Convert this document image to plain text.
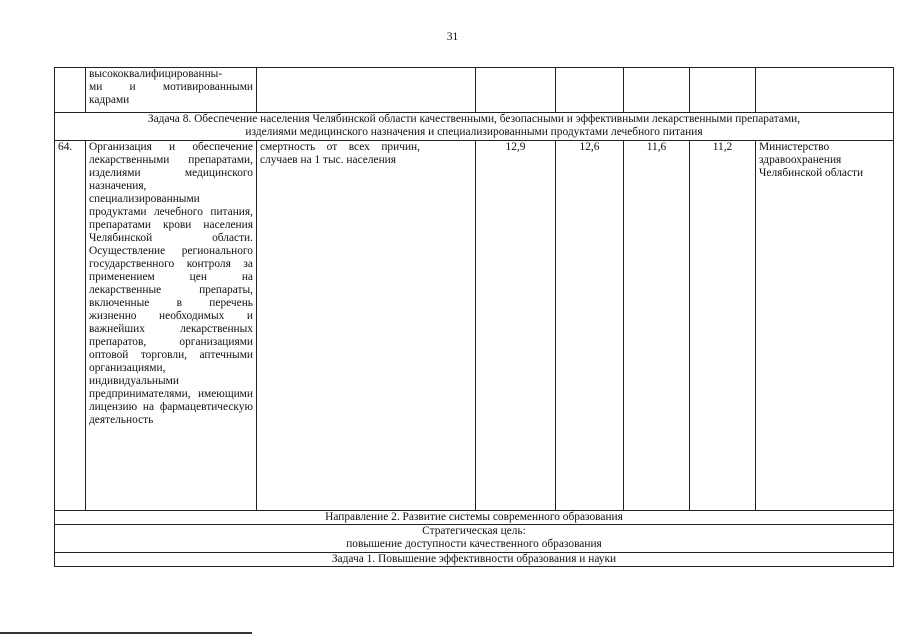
31

	высококвалифицированны-
ми и мотивированными
кадрами						

Задача 8. Обеспечение населения Челябинской области качественными, безопасными и эффективными лекарственными препаратами,
изделиями медицинского назначения и специализированными продуктами лечебного питания							

64.	Организация и обеспечение лекарственными препаратами, изделиями медицинского назначения, специализированными продуктами лечебного питания, препаратами крови населения Челябинской области. Осуществление регионального государственного контроля за применением цен на лекарственные препараты, включенные в перечень жизненно необходимых и важнейших лекарственных препаратов, организациями оптовой торговли, аптечными организациями, индивидуальными предпринимателями, имеющими лицензию на фармацевтическую деятельность	смертность от всех причин, случаев на 1 тыс. населения	12,9	12,6	11,6	11,2	Министерство здравоохранения Челябинской области
Направление 2. Развитие системы современного образования							

Стратегическая цель:
повышение доступности качественного образования							

Задача 1. Повышение эффективности образования и науки							
